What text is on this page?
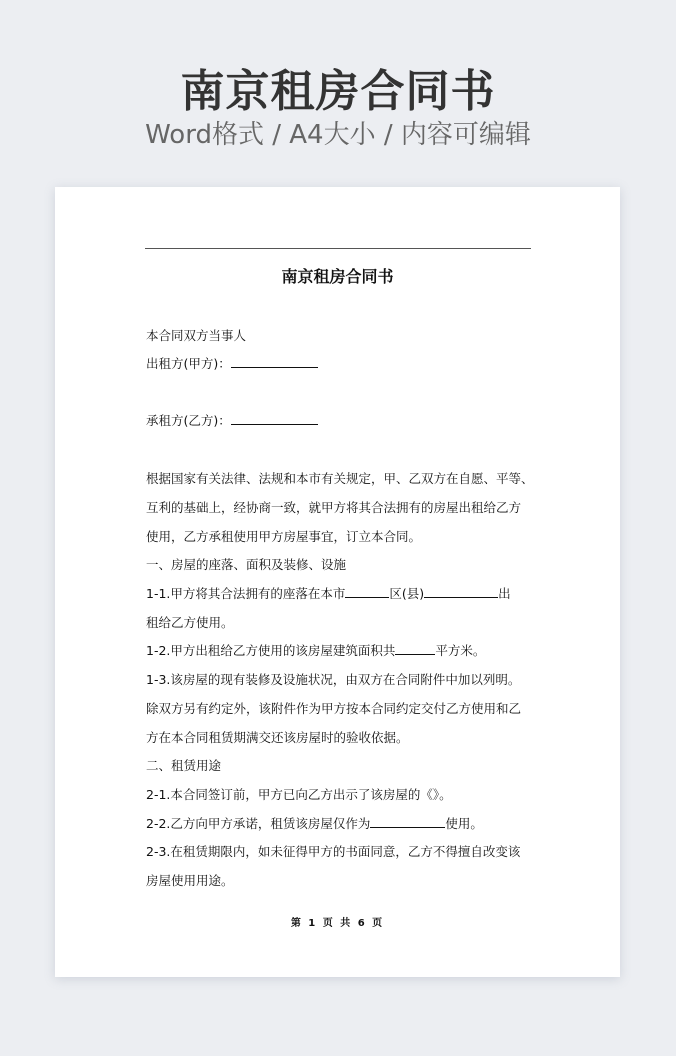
南京租房合同书
Word格式 / A4大小 / 内容可编辑
南京租房合同书
本合同双方当事人
出租方(甲方)：
承租方(乙方)：
根据国家有关法律、法规和本市有关规定，甲、乙双方在自愿、平等、
互利的基础上，经协商一致，就甲方将其合法拥有的房屋出租给乙方
使用，乙方承租使用甲方房屋事宜，订立本合同。
一、房屋的座落、面积及装修、设施
1-1.甲方将其合法拥有的座落在本市	区(县)	出
租给乙方使用。
1-2.甲方出租给乙方使用的该房屋建筑面积共	平方米。
1-3.该房屋的现有装修及设施状况，由双方在合同附件中加以列明。
除双方另有约定外，该附件作为甲方按本合同约定交付乙方使用和乙
方在本合同租赁期满交还该房屋时的验收依据。
二、租赁用途
2-1.本合同签订前，甲方已向乙方出示了该房屋的《》。
2-2.乙方向甲方承诺，租赁该房屋仅作为	使用。
2-3.在租赁期限内，如未征得甲方的书面同意，乙方不得擅自改变该
房屋使用用途。
第 1 页 共 6 页
